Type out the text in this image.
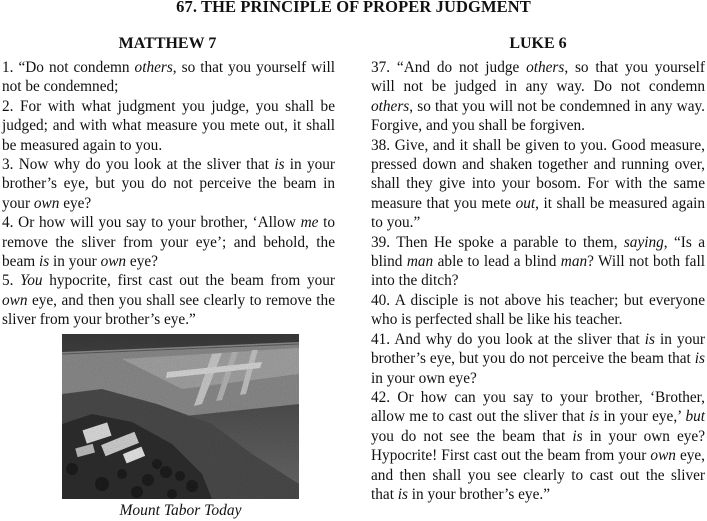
67. THE PRINCIPLE OF PROPER JUDGMENT
MATTHEW 7

1. “Do not condemn others, so that you yourself will not be condemned;

2. For with what judgment you judge, you shall be judged; and with what measure you mete out, it shall be measured again to you.

3. Now why do you look at the sliver that is in your brother’s eye, but you do not perceive the beam in your own eye?

4. Or how will you say to your brother, ‘Allow me to remove the sliver from your eye’; and behold, the beam is in your own eye?

5. You hypocrite, first cast out the beam from your own eye, and then you shall see clearly to remove the sliver from your brother’s eye.”

LUKE 6

37. “And do not judge others, so that you yourself will not be judged in any way. Do not condemn others, so that you will not be condemned in any way. Forgive, and you shall be forgiven.

38. Give, and it shall be given to you. Good measure, pressed down and shaken together and running over, shall they give into your bosom. For with the same measure that you mete out, it shall be measured again to you.”

39. Then He spoke a parable to them, saying, “Is a blind man able to lead a blind man? Will not both fall into the ditch?

40. A disciple is not above his teacher; but everyone who is perfected shall be like his teacher.

41. And why do you look at the sliver that is in your brother’s eye, but you do not perceive the beam that is in your own eye?

42. Or how can you say to your brother, ‘Brother, allow me to cast out the sliver that is in your eye,’ but you do not see the beam that is in your own eye? Hypocrite! First cast out the beam from your own eye, and then shall you see clearly to cast out the sliver that is in your brother’s eye.”

Mount Tabor Today
